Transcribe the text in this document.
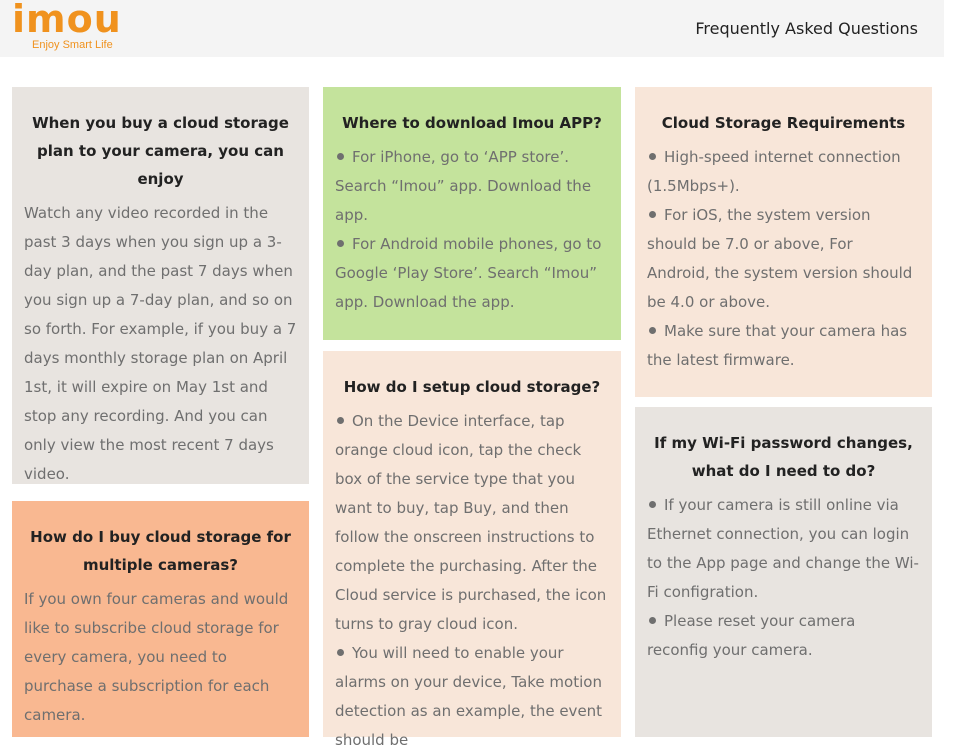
imou
Enjoy Smart Life
Frequently Asked Questions
When you buy a cloud storage plan to your camera, you can enjoy

Watch any video recorded in the past 3 days when you sign up a 3-day plan, and the past 7 days when you sign up a 7-day plan, and so on so forth. For example, if you buy a 7 days monthly storage plan on April 1st, it will expire on May 1st and stop any recording. And you can only view the most recent 7 days video.

How do I buy cloud storage for multiple cameras?

If you own four cameras and would like to subscribe cloud storage for every camera, you need to purchase a subscription for each camera.

Where to download Imou APP?
For iPhone, go to ‘APP store’. Search “Imou” app. Download the app.
For Android mobile phones, go to Google ‘Play Store’. Search “Imou” app. Download the app.
How do I setup cloud storage?
On the Device interface, tap orange cloud icon, tap the check box of the service type that you want to buy, tap Buy, and then follow the onscreen instructions to complete the purchasing. After the Cloud service is purchased, the icon turns to gray cloud icon.
You will need to enable your alarms on your device, Take motion detection as an example, the event should be
Cloud Storage Requirements
High-speed internet connection (1.5Mbps+).
For iOS, the system version should be 7.0 or above, For Android, the system version should be 4.0 or above.
Make sure that your camera has the latest firmware.
If my Wi-Fi password changes, what do I need to do?
If your camera is still online via Ethernet connection, you can login to the App page and change the Wi-Fi configration.
Please reset your camera reconfig your camera.
